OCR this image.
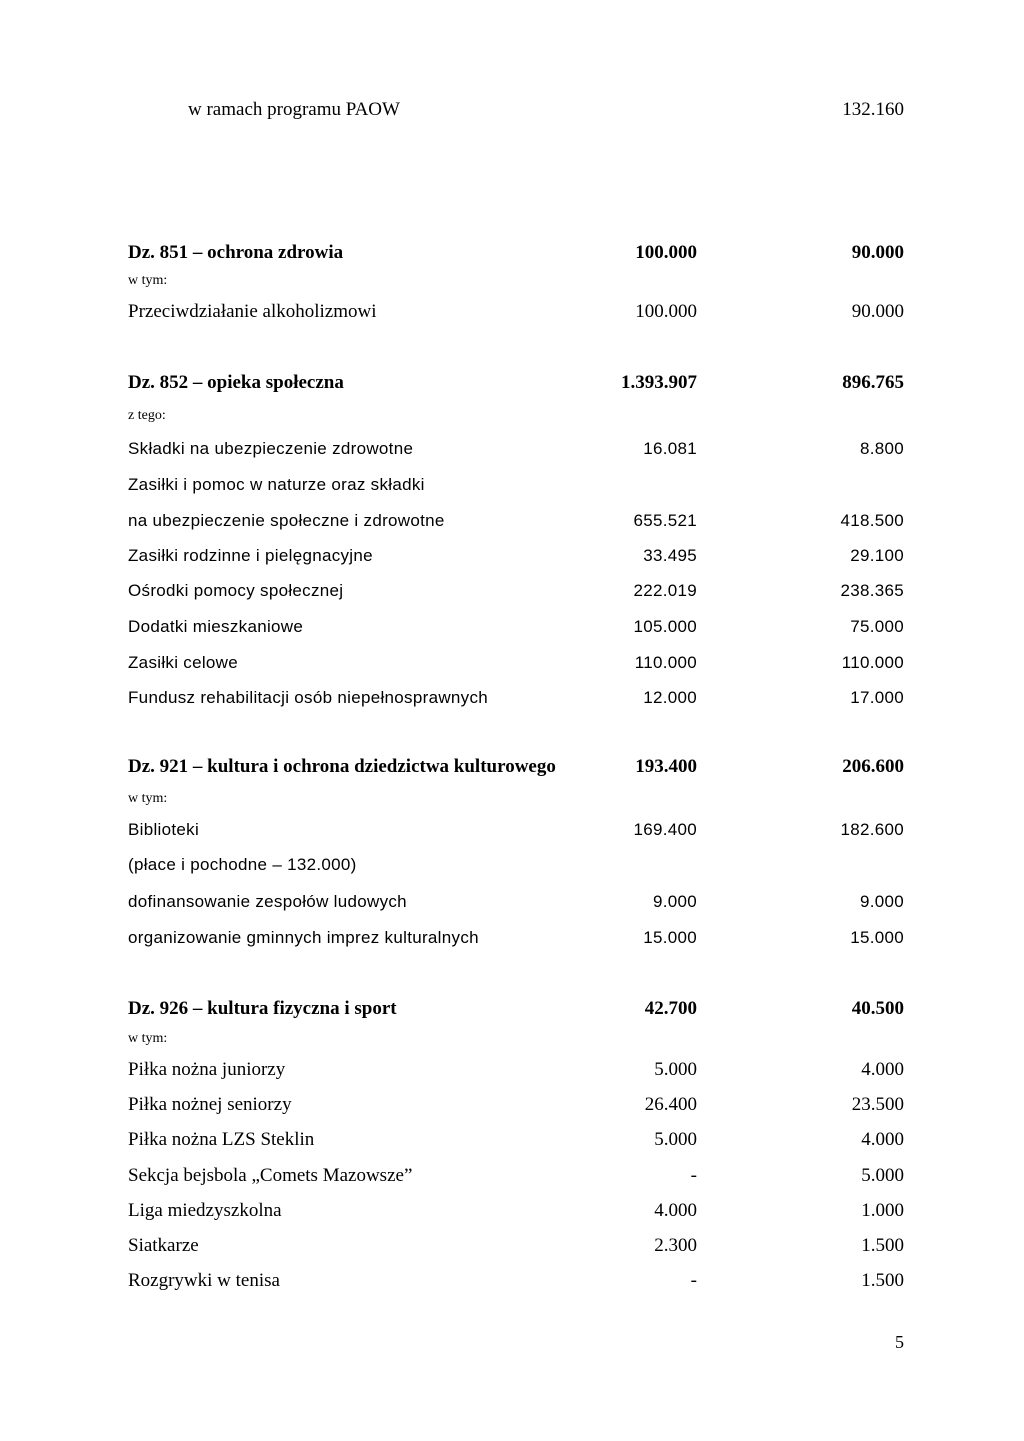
w ramach programu PAOW	132.160
Dz. 851 – ochrona zdrowia	100.000	90.000
w tym:
Przeciwdziałanie alkoholizmowi	100.000	90.000
Dz. 852 – opieka społeczna	1.393.907	896.765
z tego:
Składki na ubezpieczenie zdrowotne	16.081	8.800
Zasiłki i pomoc w naturze oraz składki
na ubezpieczenie społeczne i zdrowotne	655.521	418.500
Zasiłki rodzinne i pielęgnacyjne	33.495	29.100
Ośrodki pomocy społecznej	222.019	238.365
Dodatki mieszkaniowe	105.000	75.000
Zasiłki celowe	110.000	110.000
Fundusz rehabilitacji osób niepełnosprawnych	12.000	17.000
Dz. 921 – kultura i ochrona dziedzictwa kulturowego	193.400	206.600
w tym:
Biblioteki	169.400	182.600
(płace i pochodne – 132.000)
dofinansowanie zespołów ludowych	9.000	9.000
organizowanie gminnych imprez kulturalnych	15.000	15.000
Dz. 926 – kultura fizyczna i sport	42.700	40.500
w tym:
Piłka nożna juniorzy	5.000	4.000
Piłka nożnej seniorzy	26.400	23.500
Piłka nożna LZS Steklin	5.000	4.000
Sekcja bejsbola „Comets Mazowsze”	-	5.000
Liga miedzyszkolna	4.000	1.000
Siatkarze	2.300	1.500
Rozgrywki w tenisa	-	1.500
5
